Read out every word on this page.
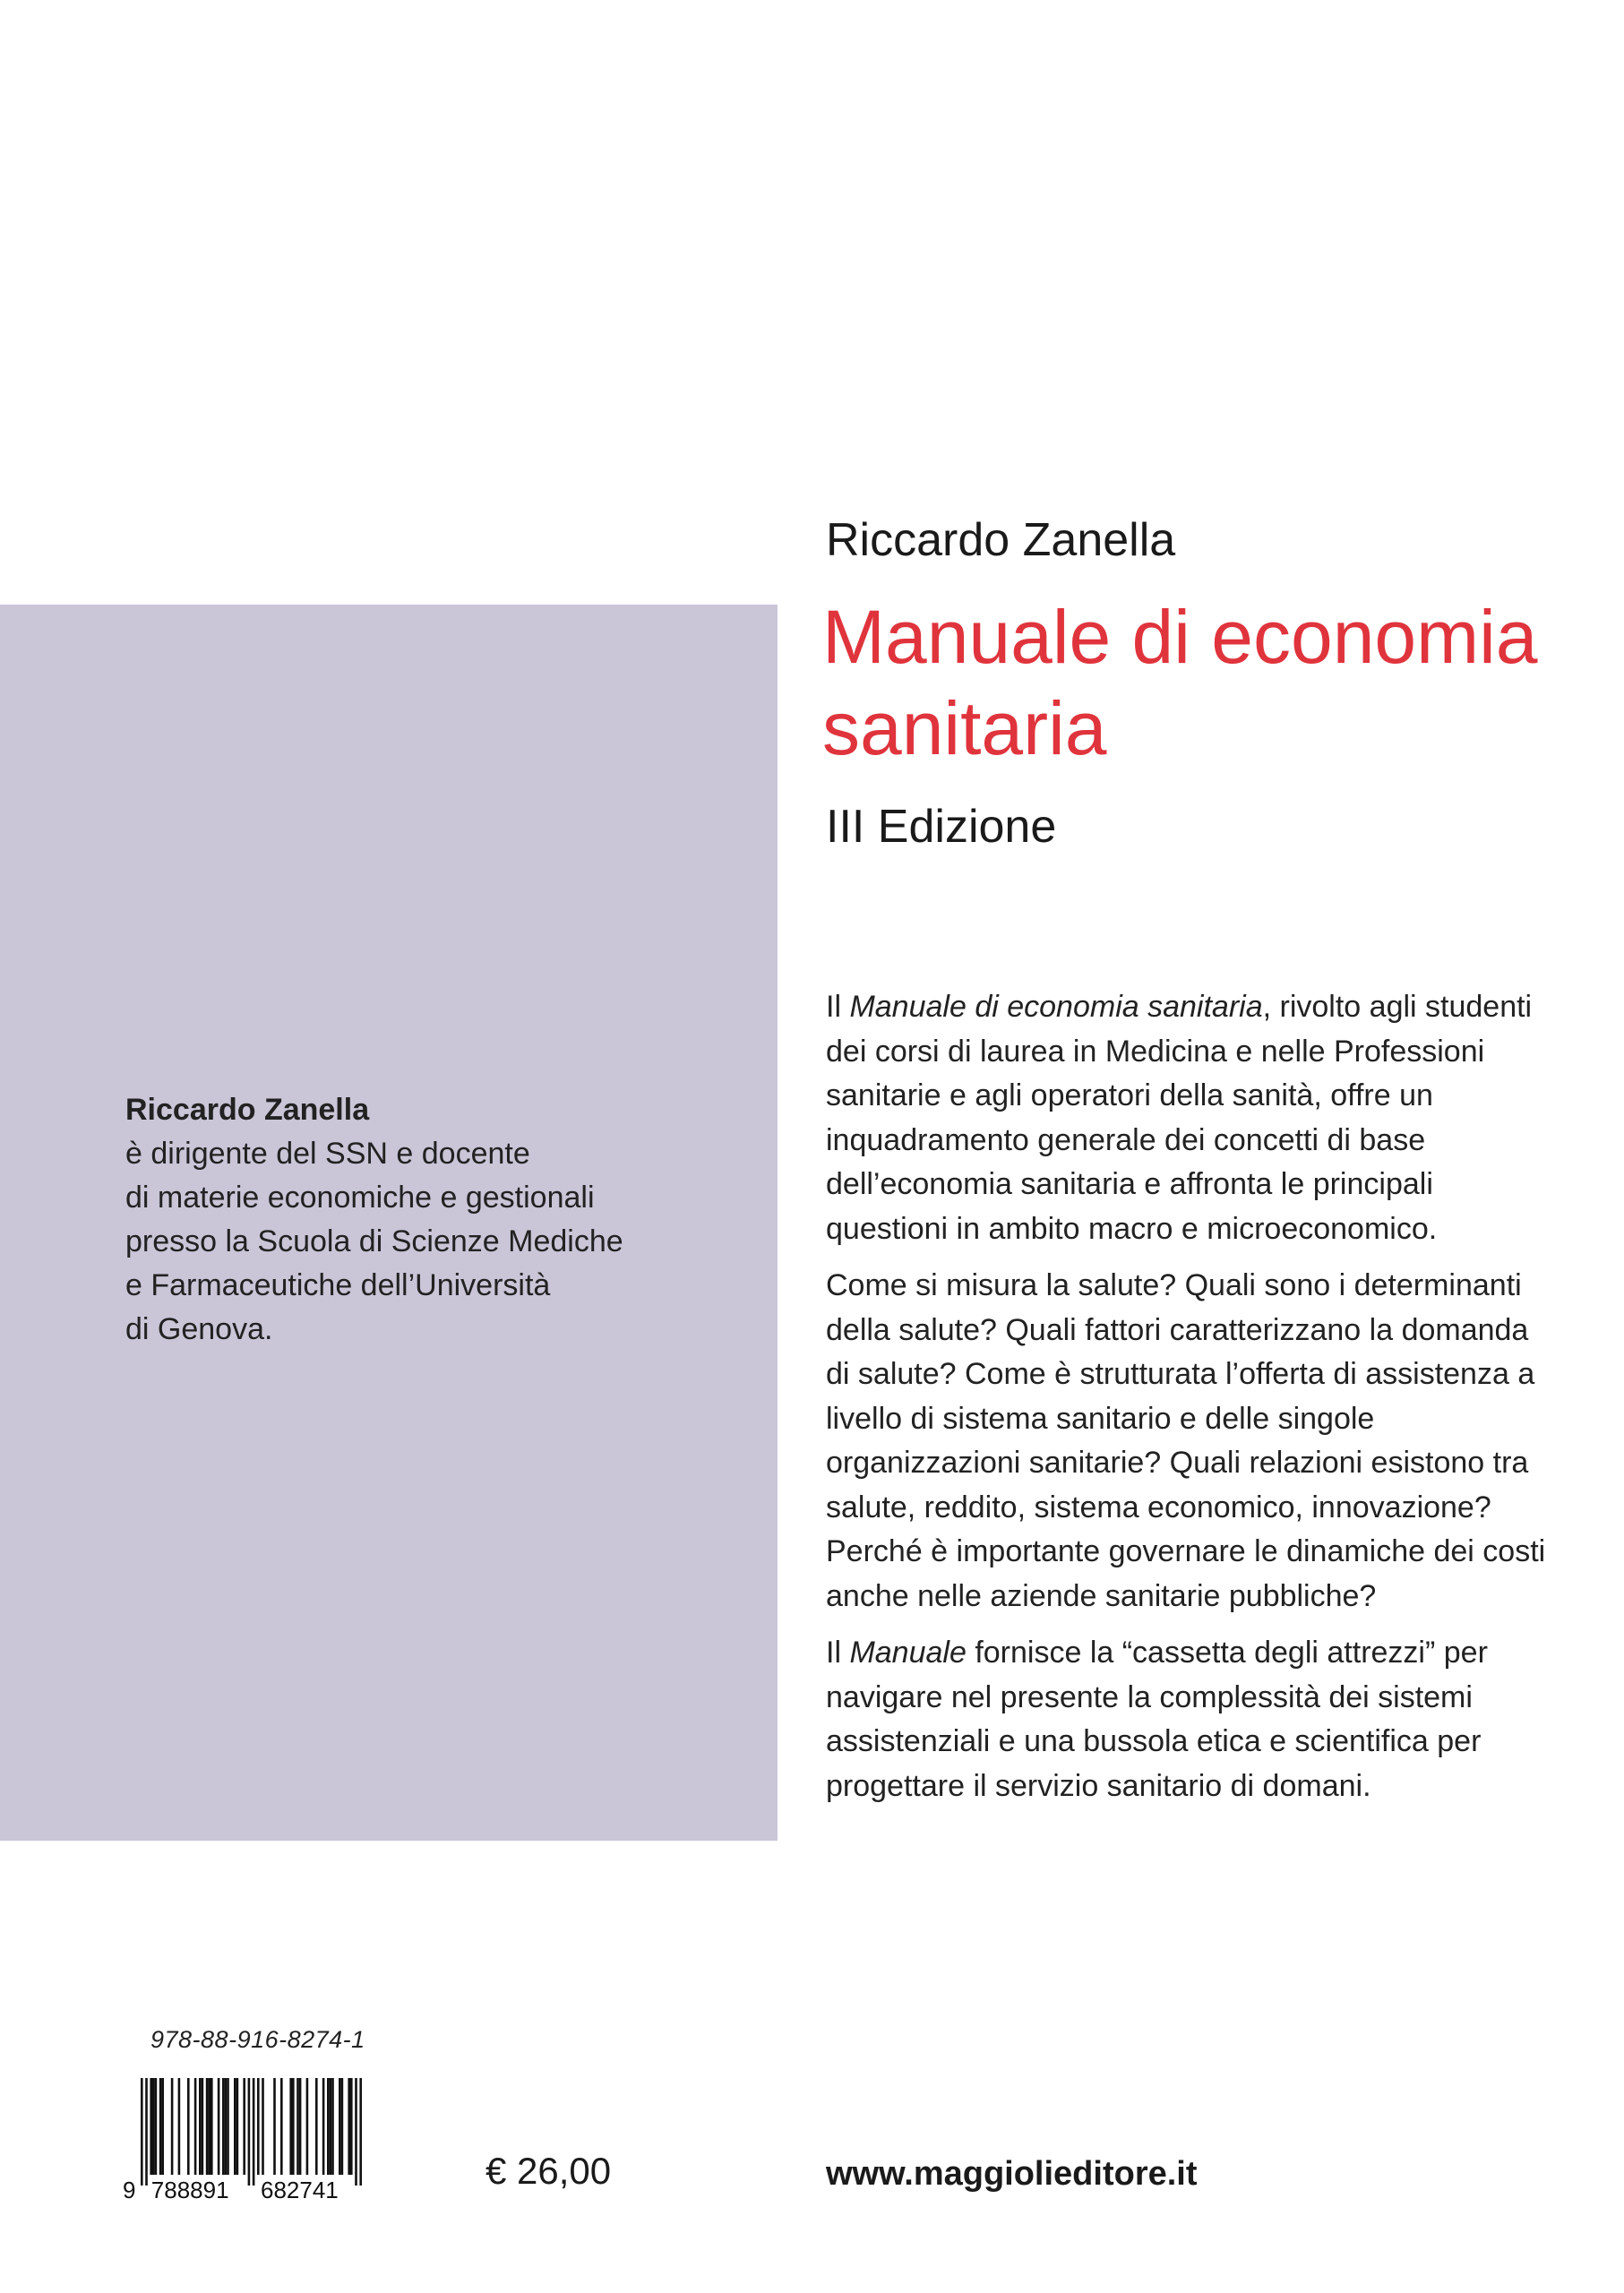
Riccardo Zanella
è dirigente del SSN e docente
di materie economiche e gestionali
presso la Scuola di Scienze Mediche
e Farmaceutiche dell’Università
di Genova.
Riccardo Zanella
Manuale di economia
sanitaria
III Edizione

Il Manuale di economia sanitaria, rivolto agli studenti dei corsi di laurea in Medicina e nelle Professioni sanitarie e agli operatori della sanità, offre un inquadramento generale dei concetti di base dell’economia sanitaria e affronta le principali questioni in ambito macro e microeconomico.

Come si misura la salute? Quali sono i determinanti della salute? Quali fattori caratterizzano la domanda di salute? Come è strutturata l’offerta di assistenza a livello di sistema sanitario e delle singole organizzazioni sanitarie? Quali relazioni esistono tra salute, reddito, sistema economico, innovazione? Perché è importante governare le dinamiche dei costi anche nelle aziende sanitarie pubbliche?

Il Manuale fornisce la “cassetta degli attrezzi” per navigare nel presente la complessità dei sistemi assistenziali e una bussola etica e scientifica per progettare il servizio sanitario di domani.

978-88-916-8274-1
9 788891 682741	€ 26,00	www.maggiolieditore.it
